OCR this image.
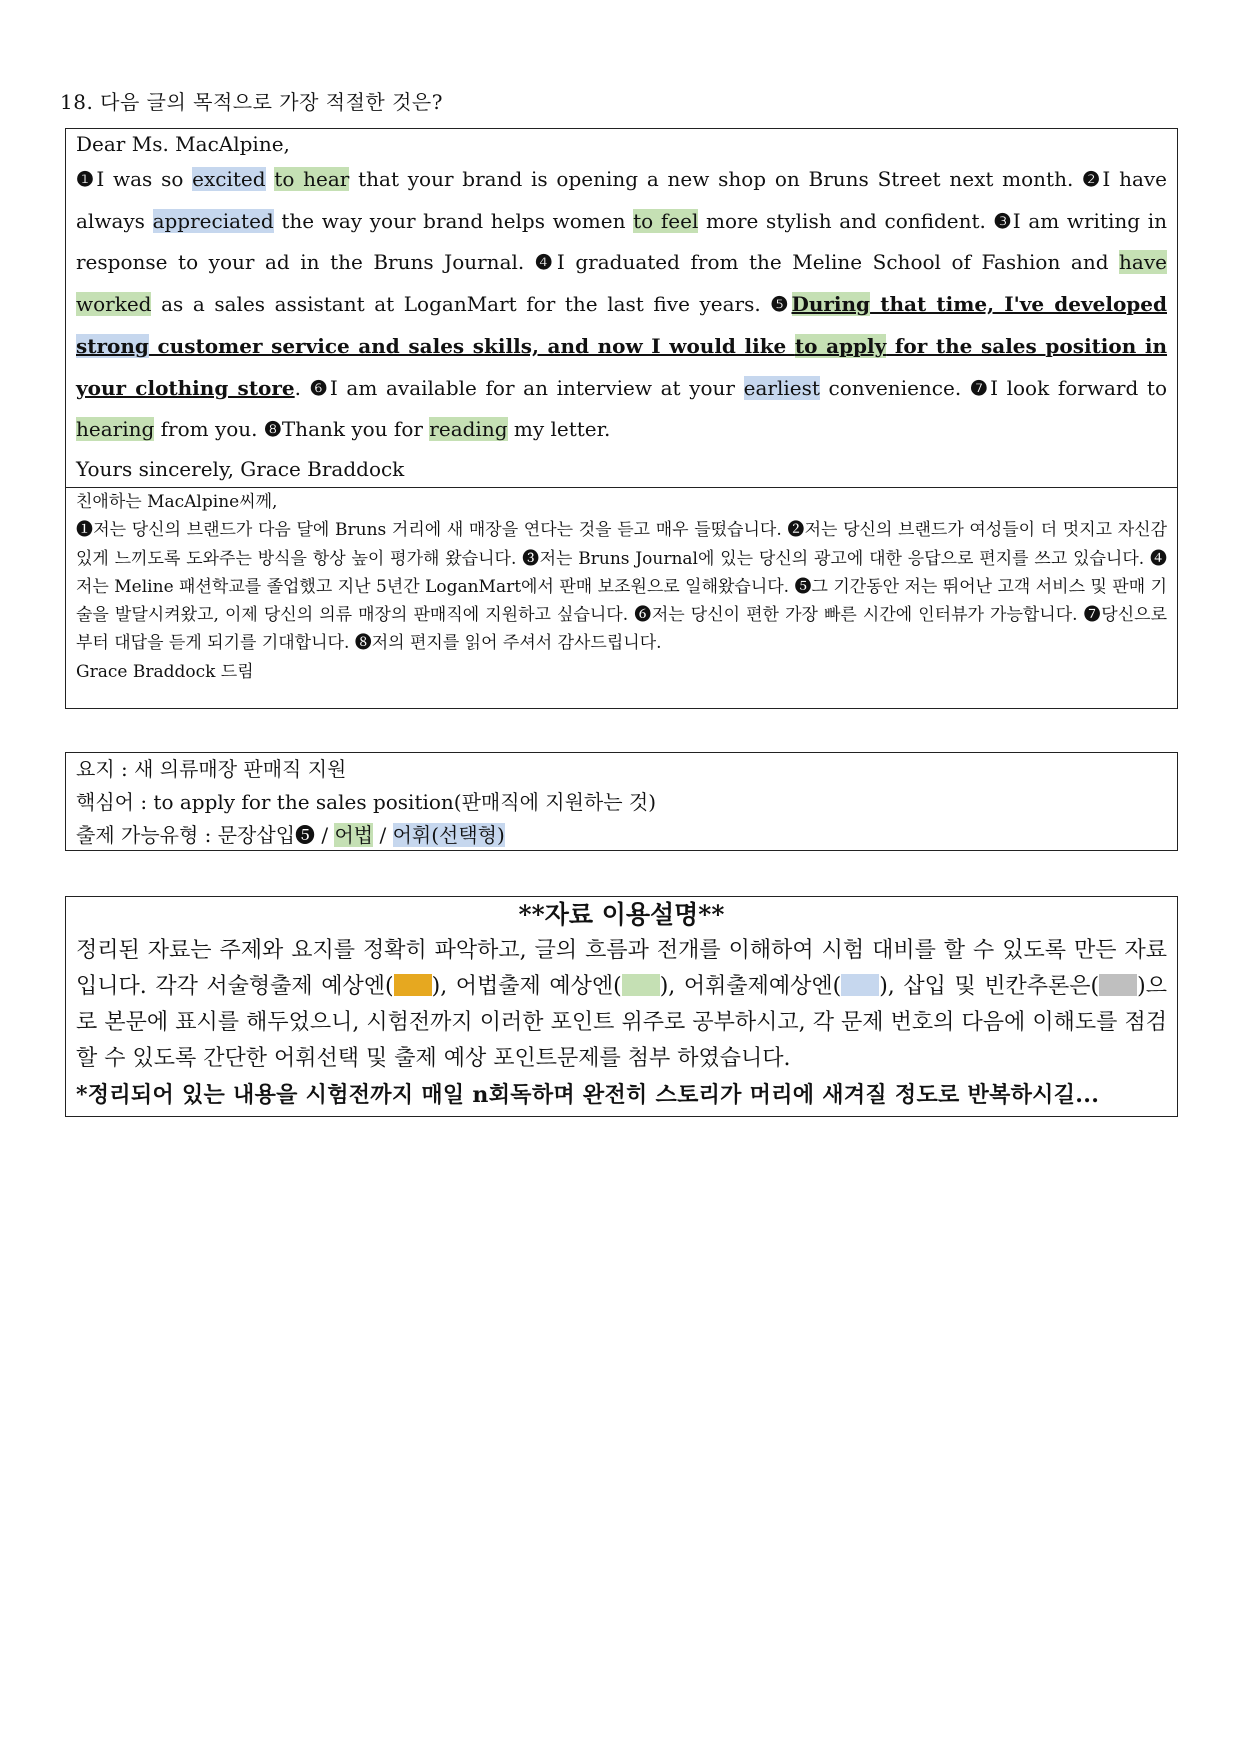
18. 다음 글의 목적으로 가장 적절한 것은?
Dear Ms. MacAlpine,

❶I was so excited to hear that your brand is opening a new shop on Bruns Street next month. ❷I have always appreciated the way your brand helps women to feel more stylish and confident. ❸I am writing in response to your ad in the Bruns Journal. ❹I graduated from the Meline School of Fashion and have worked as a sales assistant at LoganMart for the last five years. ❺During that time, I've developed strong customer service and sales skills, and now I would like to apply for the sales position in your clothing store. ❻I am available for an interview at your earliest convenience. ❼I look forward to hearing from you. ❽Thank you for reading my letter.

Yours sincerely, Grace Braddock
친애하는 MacAlpine씨께,

❶저는 당신의 브랜드가 다음 달에 Bruns 거리에 새 매장을 연다는 것을 듣고 매우 들떴습니다. ❷저는 당신의 브랜드가 여성들이 더 멋지고 자신감있게 느끼도록 도와주는 방식을 항상 높이 평가해 왔습니다. ❸저는 Bruns Journal에 있는 당신의 광고에 대한 응답으로 편지를 쓰고 있습니다. ❹저는 Meline 패션학교를 졸업했고 지난 5년간 LoganMart에서 판매 보조원으로 일해왔습니다. ❺그 기간동안 저는 뛰어난 고객 서비스 및 판매 기술을 발달시켜왔고, 이제 당신의 의류 매장의 판매직에 지원하고 싶습니다. ❻저는 당신이 편한 가장 빠른 시간에 인터뷰가 가능합니다. ❼당신으로부터 대답을 듣게 되기를 기대합니다. ❽저의 편지를 읽어 주셔서 감사드립니다.

Grace Braddock 드림
요지 : 새 의류매장 판매직 지원
핵심어 : to apply for the sales position(판매직에 지원하는 것)
출제 가능유형 : 문장삽입❺ / 어법 / 어휘(선택형)
**자료 이용설명**

정리된 자료는 주제와 요지를 정확히 파악하고, 글의 흐름과 전개를 이해하여 시험 대비를 할 수 있도록 만든 자료입니다. 각각 서술형출제 예상엔( ), 어법출제 예상엔( ), 어휘출제예상엔( ), 삽입 및 빈칸추론은( )으로 본문에 표시를 해두었으니, 시험전까지 이러한 포인트 위주로 공부하시고, 각 문제 번호의 다음에 이해도를 점검 할 수 있도록 간단한 어휘선택 및 출제 예상 포인트문제를 첨부 하였습니다.

*정리되어 있는 내용을 시험전까지 매일 n회독하며 완전히 스토리가 머리에 새겨질 정도로 반복하시길...
